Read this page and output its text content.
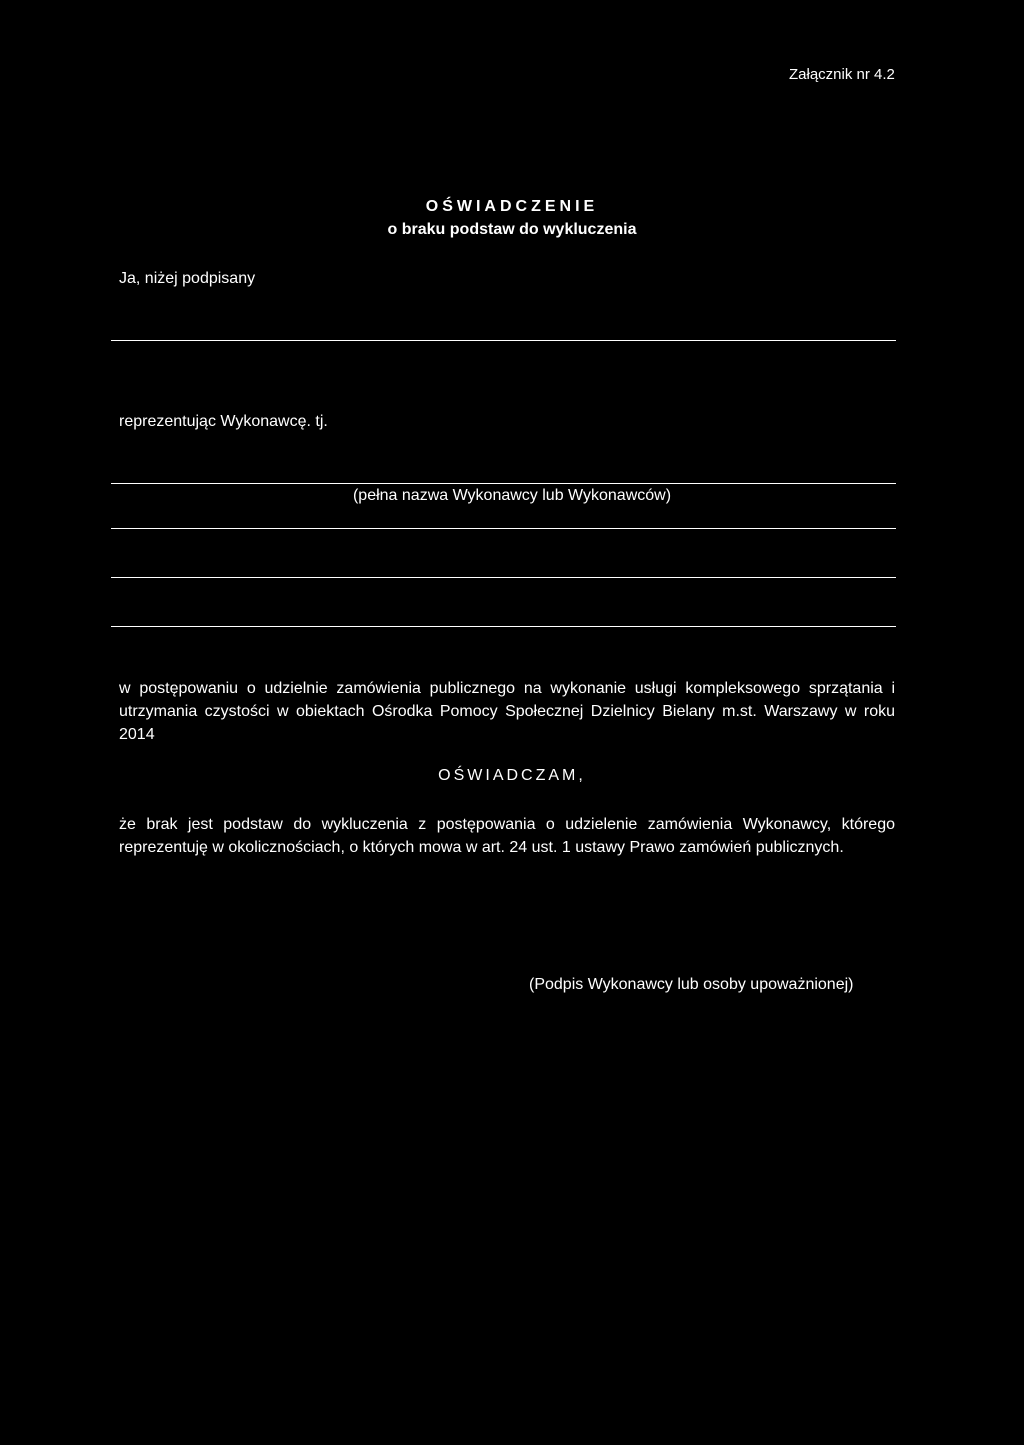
Załącznik nr 4.2
OŚWIADCZENIE
o braku podstaw do wykluczenia
Ja, niżej podpisany
reprezentując Wykonawcę. tj.
(pełna nazwa Wykonawcy lub Wykonawców)
w postępowaniu o udzielnie zamówienia publicznego na wykonanie usługi kompleksowego sprzątania i utrzymania czystości w obiektach Ośrodka Pomocy Społecznej Dzielnicy Bielany m.st. Warszawy w roku 2014
OŚWIADCZAM,
że brak jest podstaw do wykluczenia z postępowania o udzielenie zamówienia Wykonawcy, którego reprezentuję w okolicznościach, o których mowa w art. 24 ust. 1 ustawy Prawo zamówień publicznych.
(Podpis Wykonawcy lub osoby upoważnionej)
